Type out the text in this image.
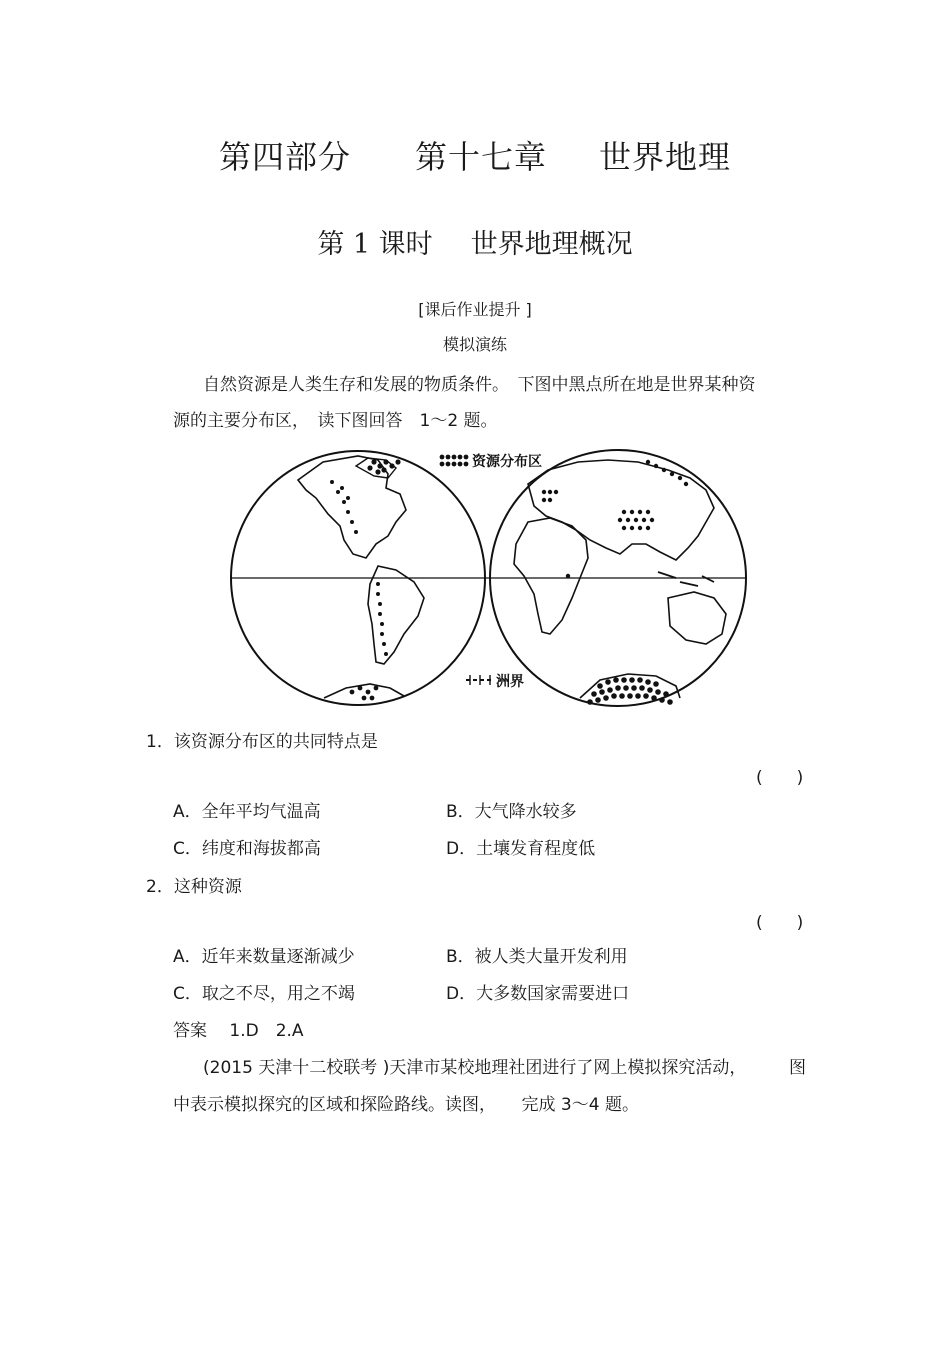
第四部分 第十七章 世界地理
第 1 课时 世界地理概况
[课后作业提升 ]
模拟演练
自然资源是人类生存和发展的物质条件。　下图中黑点所在地是世界某种资
源的主要分布区，　读下图回答　1～2 题。
资源分布区
洲界
1．该资源分布区的共同特点是
(　　)
A．全年平均气温高	B．大气降水较多
C．纬度和海拔都高	D．土壤发育程度低
2．这种资源
(　　)
A．近年来数量逐渐减少	B．被人类大量开发利用
C．取之不尽，用之不竭	D．大多数国家需要进口
答案　 1.D　2.A
(2015 天津十二校联考 )天津市某校地理社团进行了网上模拟探究活动，	图
中表示模拟探究的区域和探险路线。读图，　　完成 3～4 题。
